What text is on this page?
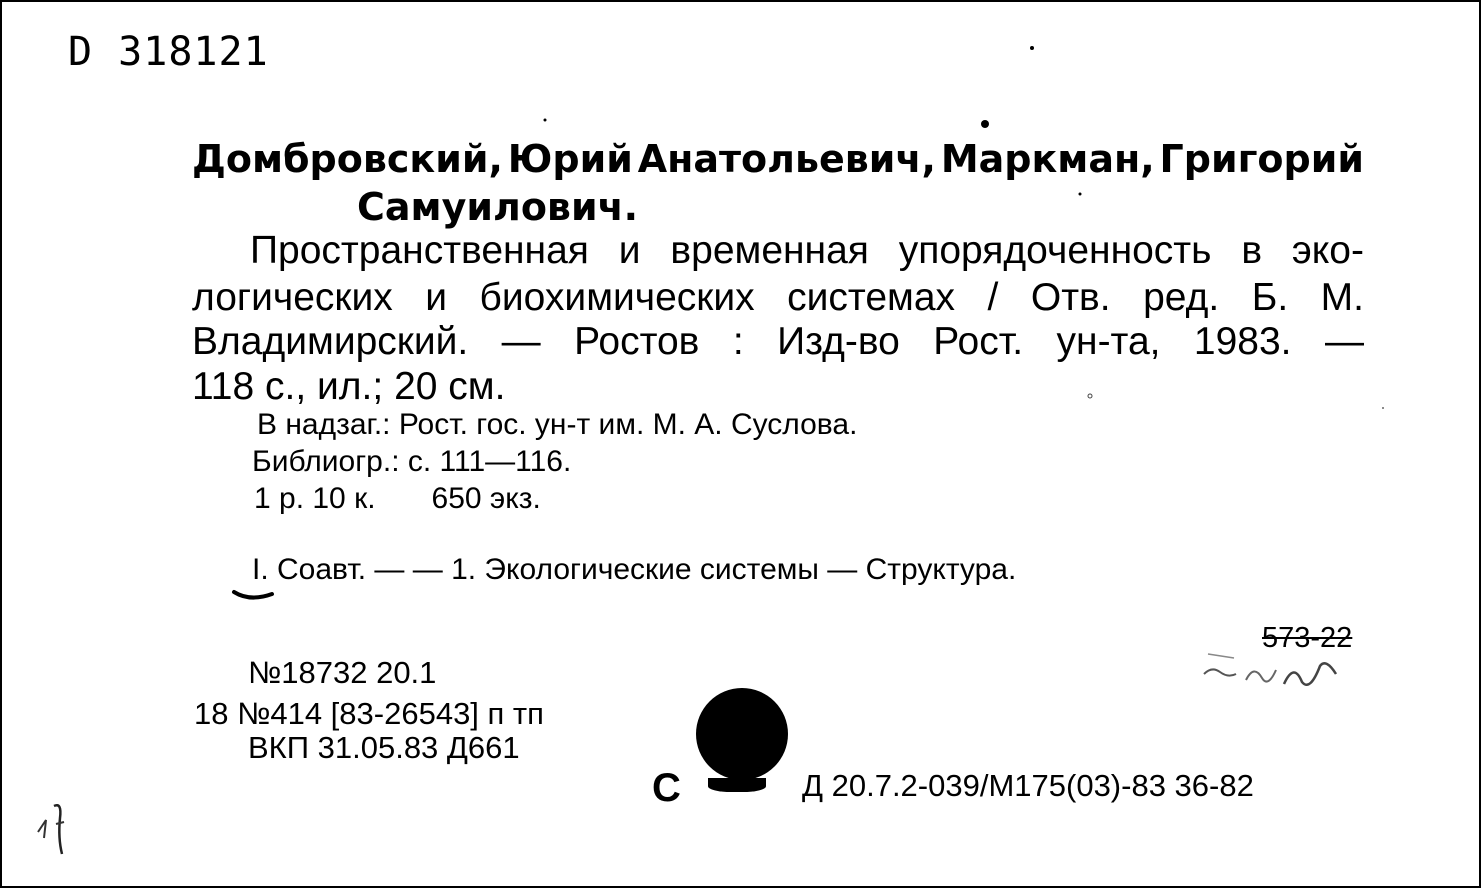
D 318121
Домбровский, Юрий Анатольевич, Маркман, Григорий
Самуилович.
Пространственная и временная упорядоченность в эко-
логических и биохимических системах / Отв. ред. Б. М.
Владимирский. — Ростов : Изд-во Рост. ун-та, 1983. —
118 с., ил.; 20 см.
В надзаг.: Рост. гос. ун-т им. М. А. Суслова.
Библиогр.: с. 111—116.
1 р. 10 к. 650 экз.
I. Соавт. — — 1. Экологические системы — Структура.
№18732 20.1
18 №414 [83-26543] п тп
ВКП 31.05.83 Д661
573-22
С	Д 20.7.2-039/М175(03)-83 36-82
